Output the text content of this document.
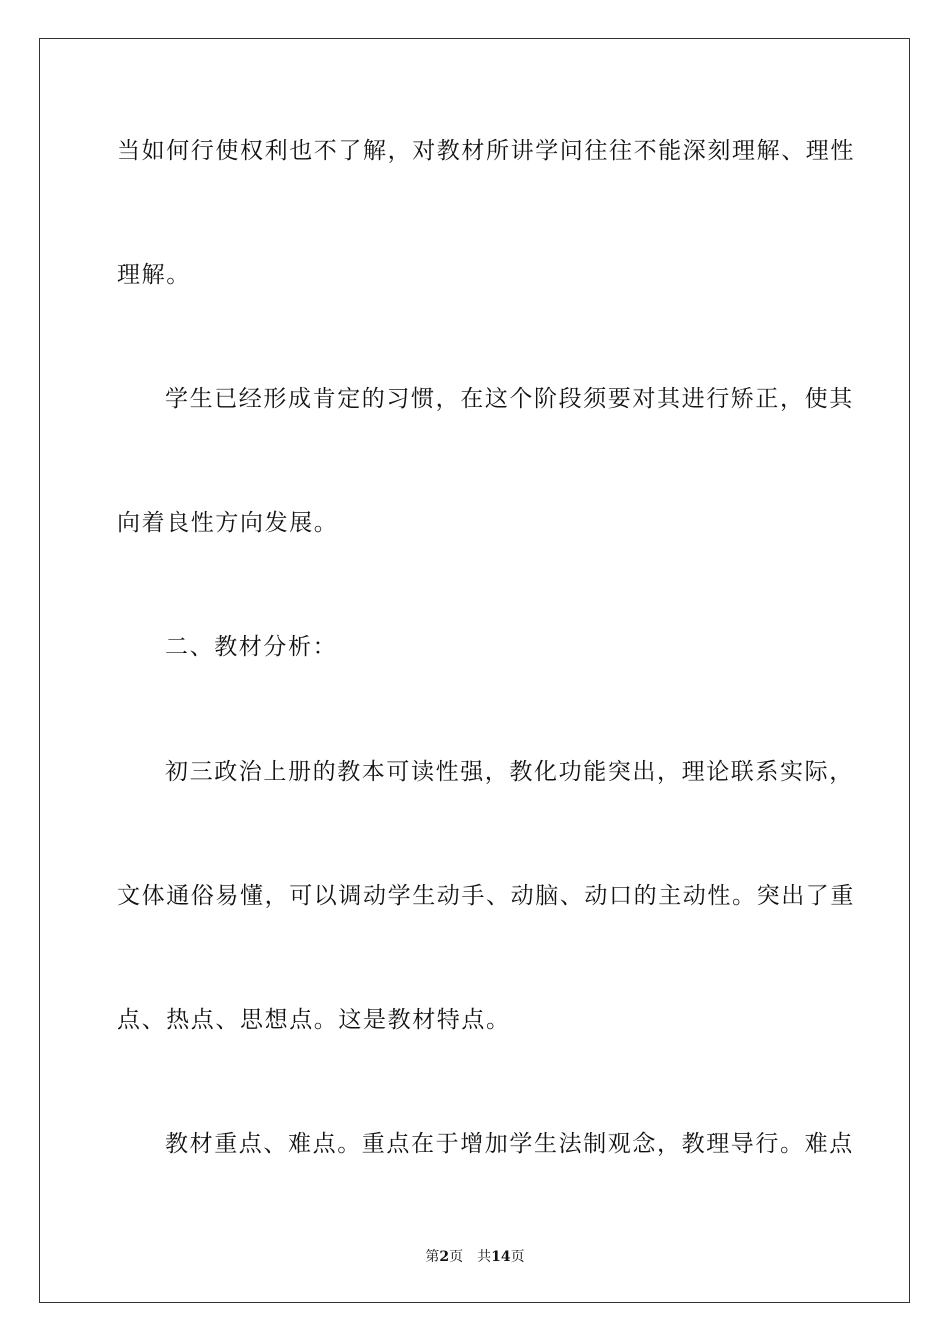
当如何行使权利也不了解，对教材所讲学问往往不能深刻理解、理性
理解。
学生已经形成肯定的习惯，在这个阶段须要对其进行矫正，使其
向着良性方向发展。
二、教材分析：
初三政治上册的教本可读性强，教化功能突出，理论联系实际，
文体通俗易懂，可以调动学生动手、动脑、动口的主动性。突出了重
点、热点、思想点。这是教材特点。
教材重点、难点。重点在于增加学生法制观念，教理导行。难点
第2页 共14页
